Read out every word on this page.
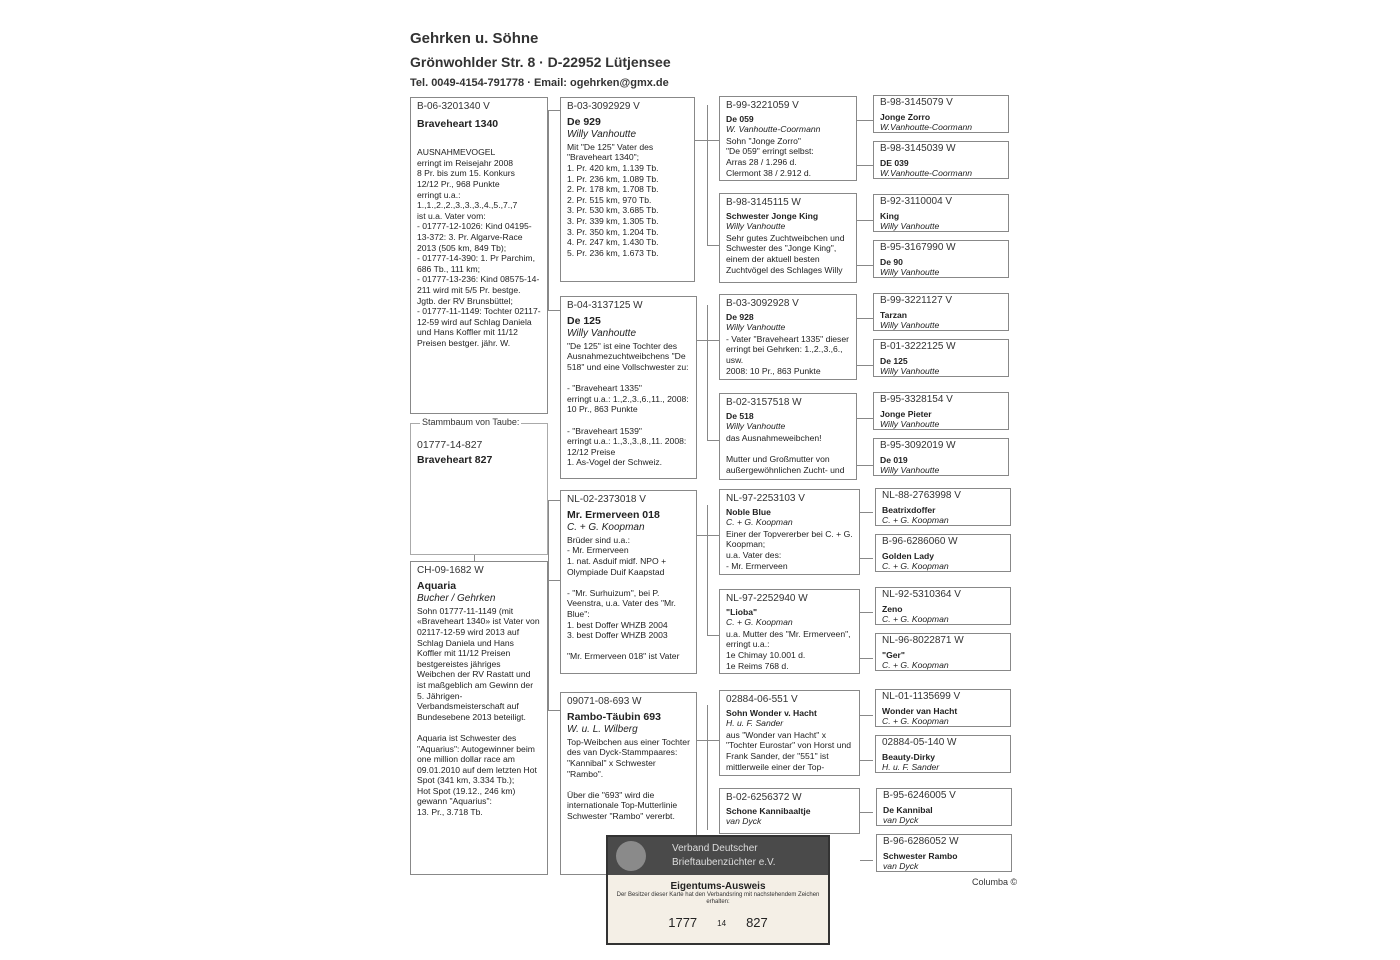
Gehrken u. Söhne
Grönwohlder Str. 8 · D-22952 Lütjensee
Tel. 0049-4154-791778 · Email: ogehrken@gmx.de
B-06-3201340 V
Braveheart 1340
AUSNAHMEVOGEL
erringt im Reisejahr 2008
8 Pr. bis zum 15. Konkurs
12/12 Pr., 968 Punkte
erringt u.a.:
1.,1.,2.,2.,3.,3.,3.,4.,5.,7.,7
ist u.a. Vater vom:
- 01777-12-1026: Kind 04195-13-372: 3. Pr. Algarve-Race 2013 (505 km, 849 Tb);
- 01777-14-390: 1. Pr Parchim, 686 Tb., 111 km;
- 01777-13-236: Kind 08575-14-211 wird mit 5/5 Pr. bestge. Jgtb. der RV Brunsbüttel;
- 01777-11-1149: Tochter 02117-12-59 wird auf Schlag Daniela und Hans Koffler mit 11/12 Preisen bestger. jähr. W.
01777-14-827
Braveheart 827
Stammbaum von Taube:
CH-09-1682 W
Aquaria
Bucher / Gehrken
Sohn 01777-11-1149 (mit «Braveheart 1340» ist Vater von 02117-12-59 wird 2013 auf Schlag Daniela und Hans Koffler mit 11/12 Preisen bestgereistes jähriges Weibchen der RV Rastatt und ist maßgeblich am Gewinn der 5. Jährigen-Verbandsmeisterschaft auf Bundesebene 2013 beteiligt.

Aquaria ist Schwester des "Aquarius": Autogewinner beim one million dollar race am 09.01.2010 auf dem letzten Hot Spot (341 km, 3.334 Tb.);
Hot Spot (19.12., 246 km) gewann "Aquarius":
13. Pr., 3.718 Tb.
B-03-3092929 V
De 929
Willy Vanhoutte
Mit "De 125" Vater des "Braveheart 1340";
1. Pr. 420 km, 1.139 Tb.
1. Pr. 236 km, 1.089 Tb.
2. Pr. 178 km, 1.708 Tb.
2. Pr. 515 km, 970 Tb.
3. Pr. 530 km, 3.685 Tb.
3. Pr. 339 km, 1.305 Tb.
3. Pr. 350 km, 1.204 Tb.
4. Pr. 247 km, 1.430 Tb.
5. Pr. 236 km, 1.673 Tb.
B-04-3137125 W
De 125
Willy Vanhoutte
"De 125" ist eine Tochter des Ausnahmezuchtweibchens "De 518" und eine Vollschwester zu:

- "Braveheart 1335"
erringt u.a.: 1.,2.,3.,6.,11., 2008: 10 Pr., 863 Punkte

- "Braveheart 1539"
erringt u.a.: 1.,3.,3.,8.,11. 2008: 12/12 Preise
1. As-Vogel der Schweiz.
NL-02-2373018 V
Mr. Ermerveen 018
C. + G. Koopman
Brüder sind u.a.:
- Mr. Ermerveen
1. nat. Asduif midf. NPO + Olympiade Duif Kaapstad

- "Mr. Surhuizum", bei P. Veenstra, u.a. Vater des "Mr. Blue":
1. best Doffer WHZB 2004
3. best Doffer WHZB 2003

"Mr. Ermerveen 018" ist Vater
09071-08-693 W
Rambo-Täubin 693
W. u. L. Wilberg
Top-Weibchen aus einer Tochter des van Dyck-Stammpaares: "Kannibal" x Schwester "Rambo".

Über die "693" wird die internationale Top-Mutterlinie Schwester "Rambo" vererbt.
B-99-3221059 V
De 059
W. Vanhoutte-Coormann
Sohn "Jonge Zorro"
"De 059" erringt selbst:
Arras 28 / 1.296 d.
Clermont 38 / 2.912 d.
B-98-3145115 W
Schwester Jonge King
Willy Vanhoutte
Sehr gutes Zuchtweibchen und Schwester des "Jonge King", einem der aktuell besten Zuchtvögel des Schlages Willy
B-03-3092928 V
De 928
Willy Vanhoutte
- Vater "Braveheart 1335" dieser erringt bei Gehrken: 1.,2.,3.,6., usw.
2008: 10 Pr., 863 Punkte
B-02-3157518 W
De 518
Willy Vanhoutte
das Ausnahmeweibchen!

Mutter und Großmutter von außergewöhnlichen Zucht- und
NL-97-2253103 V
Noble Blue
C. + G. Koopman
Einer der Topvererber bei C. + G. Koopman;
u.a. Vater des:
- Mr. Ermerveen
NL-97-2252940 W
"Lioba"
C. + G. Koopman
u.a. Mutter des "Mr. Ermerveen", erringt u.a.:
1e Chimay 10.001 d.
1e Reims 768 d.
02884-06-551 V
Sohn Wonder v. Hacht
H. u. F. Sander
aus "Wonder van Hacht" x "Tochter Eurostar" von Horst und Frank Sander, der "551" ist mittlerweile einer der Top-
B-02-6256372 W
Schone Kannibaaltje
van Dyck
B-98-3145079 V
Jonge Zorro
W.Vanhoutte-Coormann
B-98-3145039 W
DE 039
W.Vanhoutte-Coormann
B-92-3110004 V
King
Willy Vanhoutte
B-95-3167990 W
De 90
Willy Vanhoutte
B-99-3221127 V
Tarzan
Willy Vanhoutte
B-01-3222125 W
De 125
Willy Vanhoutte
B-95-3328154 V
Jonge Pieter
Willy Vanhoutte
B-95-3092019 W
De 019
Willy Vanhoutte
NL-88-2763998 V
Beatrixdoffer
C. + G. Koopman
B-96-6286060 W
Golden Lady
C. + G. Koopman
NL-92-5310364 V
Zeno
C. + G. Koopman
NL-96-8022871 W
"Ger"
C. + G. Koopman
NL-01-1135699 V
Wonder van Hacht
C. + G. Koopman
02884-05-140 W
Beauty-Dirky
H. u. F. Sander
B-95-6246005 V
De Kannibal
van Dyck
B-96-6286052 W
Schwester Rambo
van Dyck
Verband Deutscher
Brieftaubenzüchter e.V.
Eigentums-Ausweis
Der Besitzer dieser Karte hat den Verbandsring mit nachstehendem Zeichen erhalten:
1777	14 827
Columba ©
